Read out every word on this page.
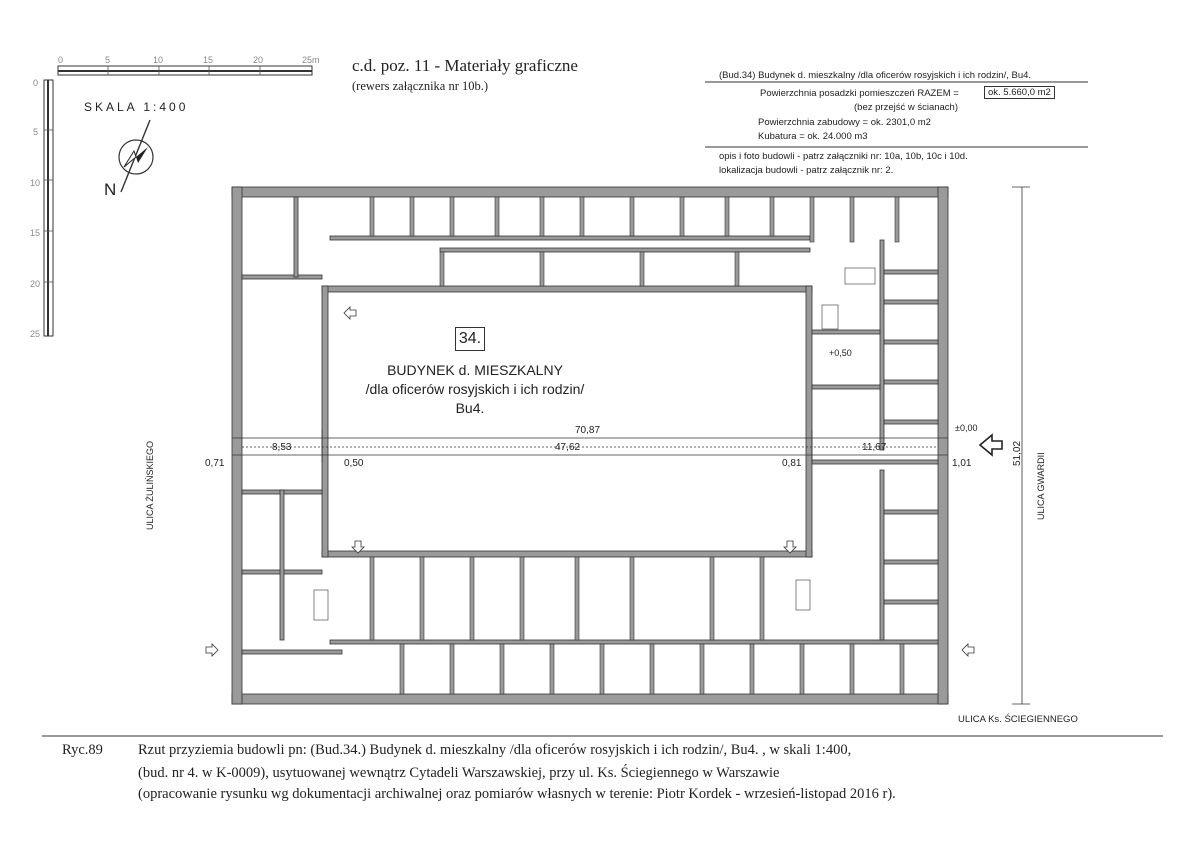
c.d. poz. 11 - Materiały graficzne
(rewers załącznika nr 10b.)
(Bud.34) Budynek d. mieszkalny /dla oficerów rosyjskich i ich rodzin/, Bu4.
Powierzchnia posadzki pomieszczeń RAZEM =	ok. 5.660,0 m2
(bez przejść w ścianach)
Powierzchnia zabudowy = ok. 2301,0 m2
Kubatura = ok. 24.000 m3
opis i foto budowli - patrz załączniki nr: 10a, 10b, 10c i 10d.
lokalizacja budowli - patrz załącznik nr: 2.
SKALA 1:400
0	5	10	15	20	25m
0
5
10
15
20
25
N
34.
BUDYNEK d. MIESZKALNY
/dla oficerów rosyjskich i ich rodzin/
Bu4.
70,87
8,53	47,62	11,67
0,71	0,50	0,81	1,01
±0,00
+0,50
51,02
ULICA ŻULIŃSKIEGO	ULICA GWARDII
ULICA Ks. ŚCIEGIENNEGO
Ryc.89 Rzut przyziemia budowli pn: (Bud.34.) Budynek d. mieszkalny /dla oficerów rosyjskich i ich rodzin/, Bu4. , w skali 1:400,
(bud. nr 4. w K-0009), usytuowanej wewnątrz Cytadeli Warszawskiej, przy ul. Ks. Ściegiennego w Warszawie
(opracowanie rysunku wg dokumentacji archiwalnej oraz pomiarów własnych w terenie: Piotr Kordek - wrzesień-listopad 2016 r).
